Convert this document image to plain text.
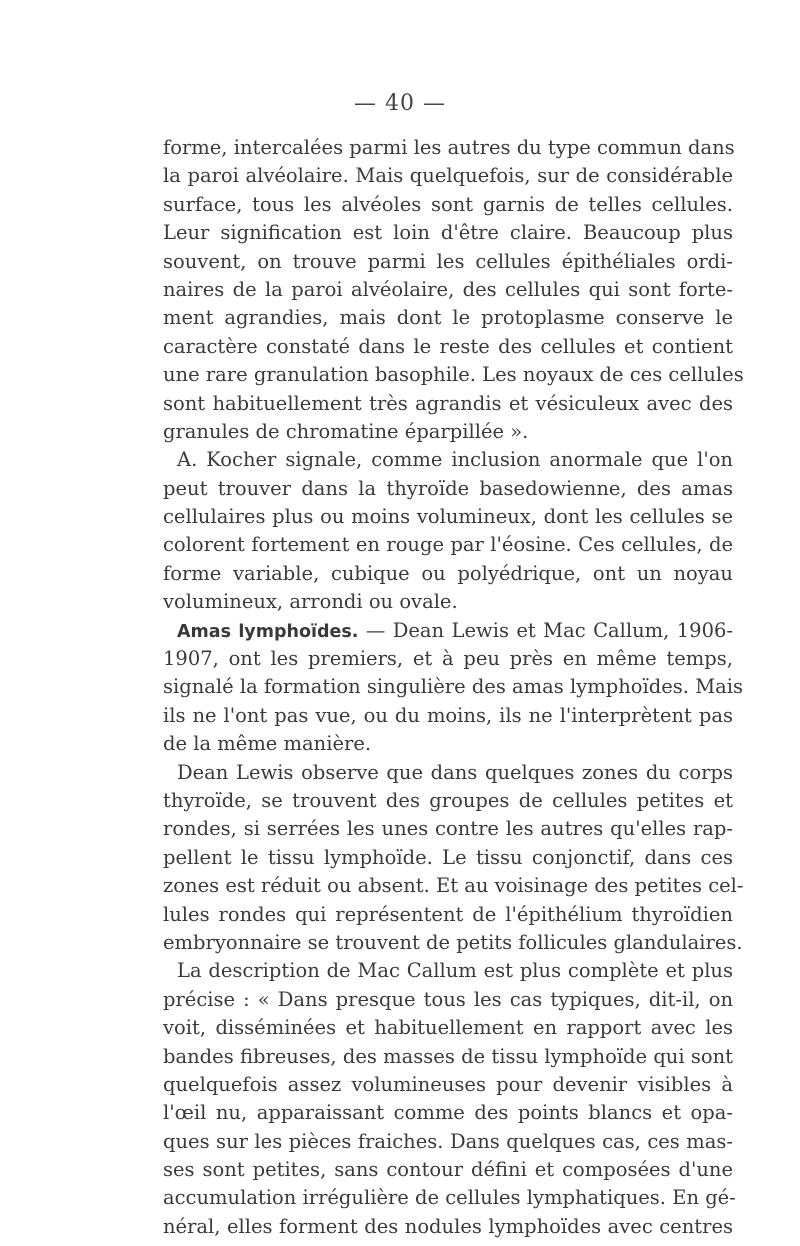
— 40 —
forme, intercalées parmi les autres du type commun dans
la paroi alvéolaire. Mais quelquefois, sur de considérable
surface, tous les alvéoles sont garnis de telles cellules.
Leur signification est loin d'être claire. Beaucoup plus
souvent, on trouve parmi les cellules épithéliales ordi-
naires de la paroi alvéolaire, des cellules qui sont forte-
ment agrandies, mais dont le protoplasme conserve le
caractère constaté dans le reste des cellules et contient
une rare granulation basophile. Les noyaux de ces cellules
sont habituellement très agrandis et vésiculeux avec des
granules de chromatine éparpillée ».
A. Kocher signale, comme inclusion anormale que l'on
peut trouver dans la thyroïde basedowienne, des amas
cellulaires plus ou moins volumineux, dont les cellules se
colorent fortement en rouge par l'éosine. Ces cellules, de
forme variable, cubique ou polyédrique, ont un noyau
volumineux, arrondi ou ovale.
Amas lymphoïdes. — Dean Lewis et Mac Callum, 1906-
1907, ont les premiers, et à peu près en même temps,
signalé la formation singulière des amas lymphoïdes. Mais
ils ne l'ont pas vue, ou du moins, ils ne l'interprètent pas
de la même manière.
Dean Lewis observe que dans quelques zones du corps
thyroïde, se trouvent des groupes de cellules petites et
rondes, si serrées les unes contre les autres qu'elles rap-
pellent le tissu lymphoïde. Le tissu conjonctif, dans ces
zones est réduit ou absent. Et au voisinage des petites cel-
lules rondes qui représentent de l'épithélium thyroïdien
embryonnaire se trouvent de petits follicules glandulaires.
La description de Mac Callum est plus complète et plus
précise : « Dans presque tous les cas typiques, dit-il, on
voit, disséminées et habituellement en rapport avec les
bandes fibreuses, des masses de tissu lymphoïde qui sont
quelquefois assez volumineuses pour devenir visibles à
l'œil nu, apparaissant comme des points blancs et opa-
ques sur les pièces fraiches. Dans quelques cas, ces mas-
ses sont petites, sans contour défini et composées d'une
accumulation irrégulière de cellules lymphatiques. En gé-
néral, elles forment des nodules lymphoïdes avec centres
